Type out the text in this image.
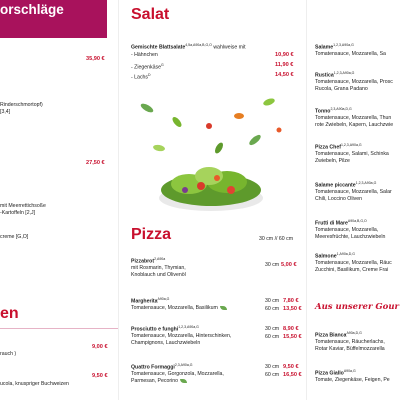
orschläge
35,90 €
Rinderschmortopf)
[3,4]
27,50 €
mit Meerrettichsoße
-Kartoffeln [2,J]
creme [G,O]
en
9,00 €
rauch )
9,50 €
ucola, knuspriger Buchweizen
Salat
Gemischte Blattsalate$^{4,5a,A90a,B,G,O}$ wahlweise mit
- Hähnchen	10,90 €
- Ziegenkäse$^G$	11,90 €
- Lachs$^D$	14,50 €
Pizza	30 cm // 60 cm
Pizzabrot$^{2,A90a}$
mit Rosmarin, Thymian,
Knoblauch und Olivenöl
30 cm 5,00 €
Margherita$^{A90a,G}$
Tomatensauce, Mozzarella, Basilikum
30 cm 7,80 €
60 cm 13,50 €
Prosciutto e funghi$^{1,2,3,A90a,G}$
Tomatensauce, Mozzarella, Hinterschinken,
Champignons, Lauchzwiebeln
30 cm 8,90 €
60 cm 15,50 €
Quattro Formaggi$^{2,3,A90a,G}$
Tomatensauce, Gorgonzola, Mozzarella,
Parmesan, Pecorino
30 cm 9,50 €
60 cm 16,50 €
Salame$^{1,2,3,A90a,G}$
Tomatensauce, Mozzarella, Sa
Rustica$^{1,2,3,A90a,G}$
Tomatensauce, Mozzarella, Prosc
Rucola, Grana Padano
Tonno$^{2,3,A90a,D,G}$
Tomatensauce, Mozzarella, Thun
rote Zwiebeln, Kapern, Lauchzwie
Pizza Chef$^{1,2,3,A90a,G}$
Tomatensauce, Salami, Schinka
Zwiebeln, Pilze
Salame piccante$^{1,2,3,A90a,G}$
Tomatensauce, Mozzarella, Salar
Chili, Loccino Oliven
Frutti di Mare$^{A90a,B,G,O}$
Tomatensauce, Mozzarella,
Meeresfrüchte, Lauchzwiebeln
Salmone$^{1,A90a,D,G}$
Tomatensauce, Mozzarella, Räuc
Zucchini, Basilikum, Creme Frai
Aus unserer Gour
Pizza Bianca$^{A90a,D,G}$
Tomatensauce, Räucherlachs,
Rotar Kaviar, Büffelmozzarella
Pizza Giallo$^{A90a,G}$
Tomate, Ziegenkäse, Feigen, Pe
